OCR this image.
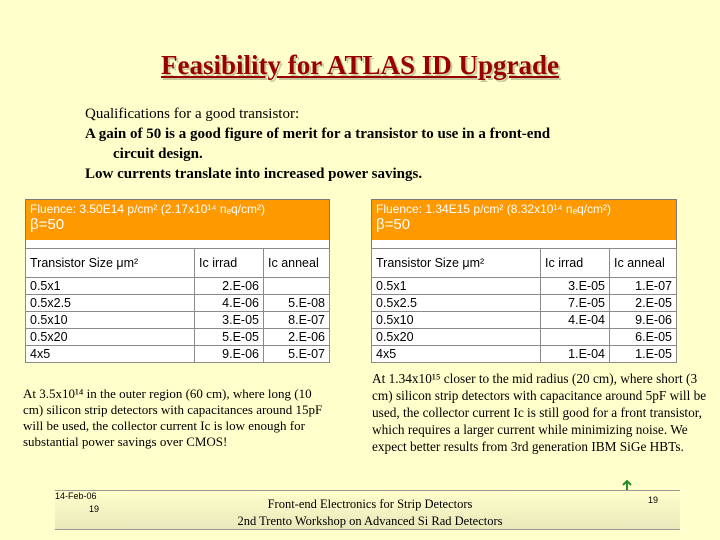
Feasibility for ATLAS ID Upgrade
Qualifications for a good transistor:
A gain of 50 is a good figure of merit for a transistor to use in a front-end
circuit design.
Low currents translate into increased power savings.
Fluence: 3.50E14 p/cm² (2.17x10¹⁴ nₑq/cm²)
β=50		

Transistor Size μm²	Ic irrad	Ic anneal
0.5x1	2.E-06	
0.5x2.5	4.E-06	5.E-08
0.5x10	3.E-05	8.E-07
0.5x20	5.E-05	2.E-06
4x5	9.E-06	5.E-07
Fluence: 1.34E15 p/cm² (8.32x10¹⁴ nₑq/cm²)
β=50		

Transistor Size μm²	Ic irrad	Ic anneal
0.5x1	3.E-05	1.E-07
0.5x2.5	7.E-05	2.E-05
0.5x10	4.E-04	9.E-06
0.5x20		6.E-05
4x5	1.E-04	1.E-05
At 3.5x10¹⁴ in the outer region (60 cm), where long (10 cm) silicon strip detectors with capacitances around 15pF will be used, the collector current Ic is low enough for substantial power savings over CMOS!
At 1.34x10¹⁵ closer to the mid radius (20 cm), where short (3 cm) silicon strip detectors with capacitance around 5pF will be used, the collector current Ic is still good for a front transistor, which requires a larger current while minimizing noise. We expect better results from 3rd generation IBM SiGe HBTs.
14-Feb-06
19	Front-end Electronics for Strip Detectors
2nd Trento Workshop on Advanced Si Rad Detectors
19
